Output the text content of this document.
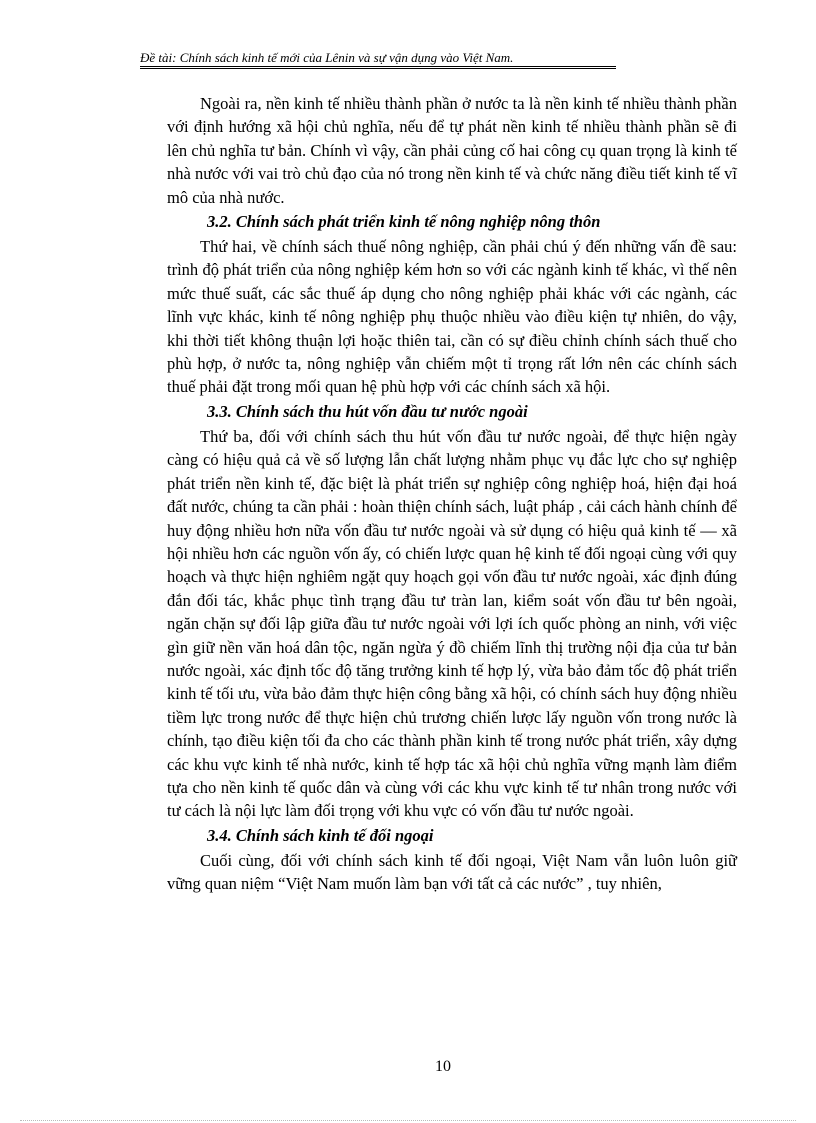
Đề tài: Chính sách kinh tế mới của Lênin và sự vận dụng vào Việt Nam.

Ngoài ra, nền kinh tế nhiều thành phần ở nước ta là nền kinh tế nhiều thành phần với định hướng xã hội chủ nghĩa, nếu để tự phát nền kinh tế nhiều thành phần sẽ đi lên chủ nghĩa tư bản. Chính vì vậy, cần phải củng cố hai công cụ quan trọng là kinh tế nhà nước với vai trò chủ đạo của nó trong nền kinh tế và chức năng điều tiết kinh tế vĩ mô của nhà nước.

3.2. Chính sách phát triển kinh tế nông nghiệp nông thôn

Thứ hai, về chính sách thuế nông nghiệp, cần phải chú ý đến những vấn đề sau: trình độ phát triển của nông nghiệp kém hơn so với các ngành kinh tế khác, vì thế nên mức thuế suất, các sắc thuế áp dụng cho nông nghiệp phải khác với các ngành, các lĩnh vực khác, kinh tế nông nghiệp phụ thuộc nhiều vào điều kiện tự nhiên, do vậy, khi thời tiết không thuận lợi hoặc thiên tai, cần có sự điều chỉnh chính sách thuế cho phù hợp, ở nước ta, nông nghiệp vẫn chiếm một tỉ trọng rất lớn nên các chính sách thuế phải đặt trong mối quan hệ phù hợp với các chính sách xã hội.

3.3. Chính sách thu hút vốn đầu tư nước ngoài

Thứ ba, đối với chính sách thu hút vốn đầu tư nước ngoài, để thực hiện ngày càng có hiệu quả cả về số lượng lẫn chất lượng nhằm phục vụ đắc lực cho sự nghiệp phát triển nền kinh tế, đặc biệt là phát triển sự nghiệp công nghiệp hoá, hiện đại hoá đất nước, chúng ta cần phải : hoàn thiện chính sách, luật pháp , cải cách hành chính để huy động nhiều hơn nữa vốn đầu tư nước ngoài và sử dụng có hiệu quả kinh tế — xã hội nhiều hơn các nguồn vốn ấy, có chiến lược quan hệ kinh tế đối ngoại cùng với quy hoạch và thực hiện nghiêm ngặt quy hoạch gọi vốn đầu tư nước ngoài, xác định đúng đắn đối tác, khắc phục tình trạng đầu tư tràn lan, kiểm soát vốn đầu tư bên ngoài, ngăn chặn sự đối lập giữa đầu tư nước ngoài với lợi ích quốc phòng an ninh, với việc gìn giữ nền văn hoá dân tộc, ngăn ngừa ý đồ chiếm lĩnh thị trường nội địa của tư bản nước ngoài, xác định tốc độ tăng trưởng kinh tế hợp lý, vừa bảo đảm tốc độ phát triển kinh tế tối ưu, vừa bảo đảm thực hiện công bằng xã hội, có chính sách huy động nhiều tiềm lực trong nước để thực hiện chủ trương chiến lược lấy nguồn vốn trong nước là chính, tạo điều kiện tối đa cho các thành phần kinh tế trong nước phát triển, xây dựng các khu vực kinh tế nhà nước, kinh tế hợp tác xã hội chủ nghĩa vững mạnh làm điểm tựa cho nền kinh tế quốc dân và cùng với các khu vực kinh tế tư nhân trong nước với tư cách là nội lực làm đối trọng với khu vực có vốn đầu tư nước ngoài.

3.4. Chính sách kinh tế đối ngoại

Cuối cùng, đối với chính sách kinh tế đối ngoại, Việt Nam vẫn luôn luôn giữ vững quan niệm “Việt Nam muốn làm bạn với tất cả các nước” , tuy nhiên,

10
